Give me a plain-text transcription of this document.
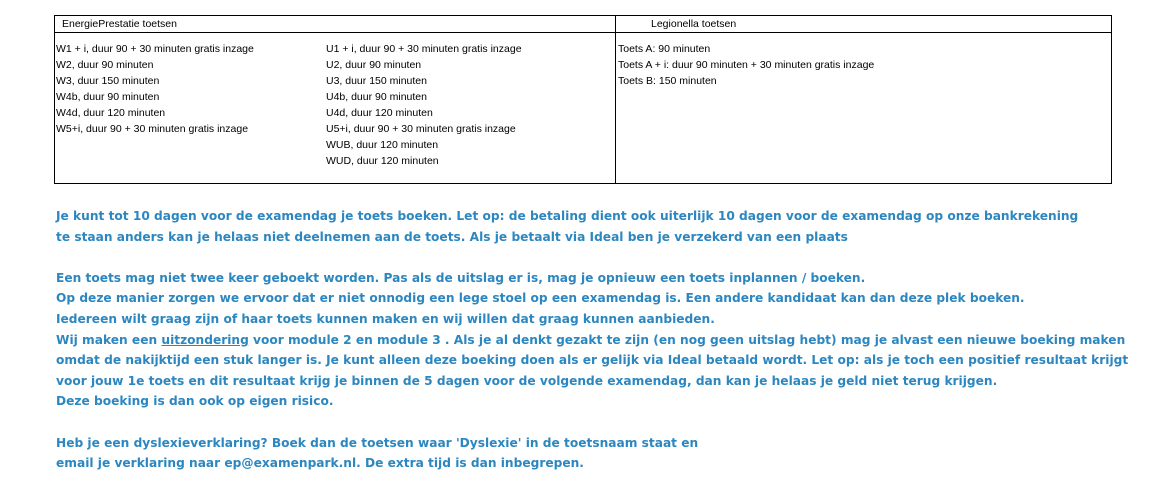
EnergiePrestatie toetsen	Legionella toetsen
W1 + i, duur 90 + 30 minuten gratis inzage
W2, duur 90 minuten
W3, duur 150 minuten
W4b, duur 90 minuten
W4d, duur 120 minuten
W5+i, duur 90 + 30 minuten gratis inzage
U1 + i, duur 90 + 30 minuten gratis inzage
U2, duur 90 minuten
U3, duur 150 minuten
U4b, duur 90 minuten
U4d, duur 120 minuten
U5+i, duur 90 + 30 minuten gratis inzage
WUB, duur 120 minuten
WUD, duur 120 minuten
Toets A: 90 minuten
Toets A + i: duur 90 minuten + 30 minuten gratis inzage
Toets B: 150 minuten

Je kunt tot 10 dagen voor de examendag je toets boeken. Let op: de betaling dient ook uiterlijk 10 dagen voor de examendag op onze bankrekening

te staan anders kan je helaas niet deelnemen aan de toets. Als je betaalt via Ideal ben je verzekerd van een plaats

Een toets mag niet twee keer geboekt worden. Pas als de uitslag er is, mag je opnieuw een toets inplannen / boeken.

Op deze manier zorgen we ervoor dat er niet onnodig een lege stoel op een examendag is. Een andere kandidaat kan dan deze plek boeken.

Iedereen wilt graag zijn of haar toets kunnen maken en wij willen dat graag kunnen aanbieden.

Wij maken een uitzondering voor module 2 en module 3 . Als je al denkt gezakt te zijn (en nog geen uitslag hebt) mag je alvast een nieuwe boeking maken

omdat de nakijktijd een stuk langer is. Je kunt alleen deze boeking doen als er gelijk via Ideal betaald wordt. Let op: als je toch een positief resultaat krijgt

voor jouw 1e toets en dit resultaat krijg je binnen de 5 dagen voor de volgende examendag, dan kan je helaas je geld niet terug krijgen.

Deze boeking is dan ook op eigen risico.

Heb je een dyslexieverklaring? Boek dan de toetsen waar 'Dyslexie' in de toetsnaam staat en

email je verklaring naar ep@examenpark.nl. De extra tijd is dan inbegrepen.
